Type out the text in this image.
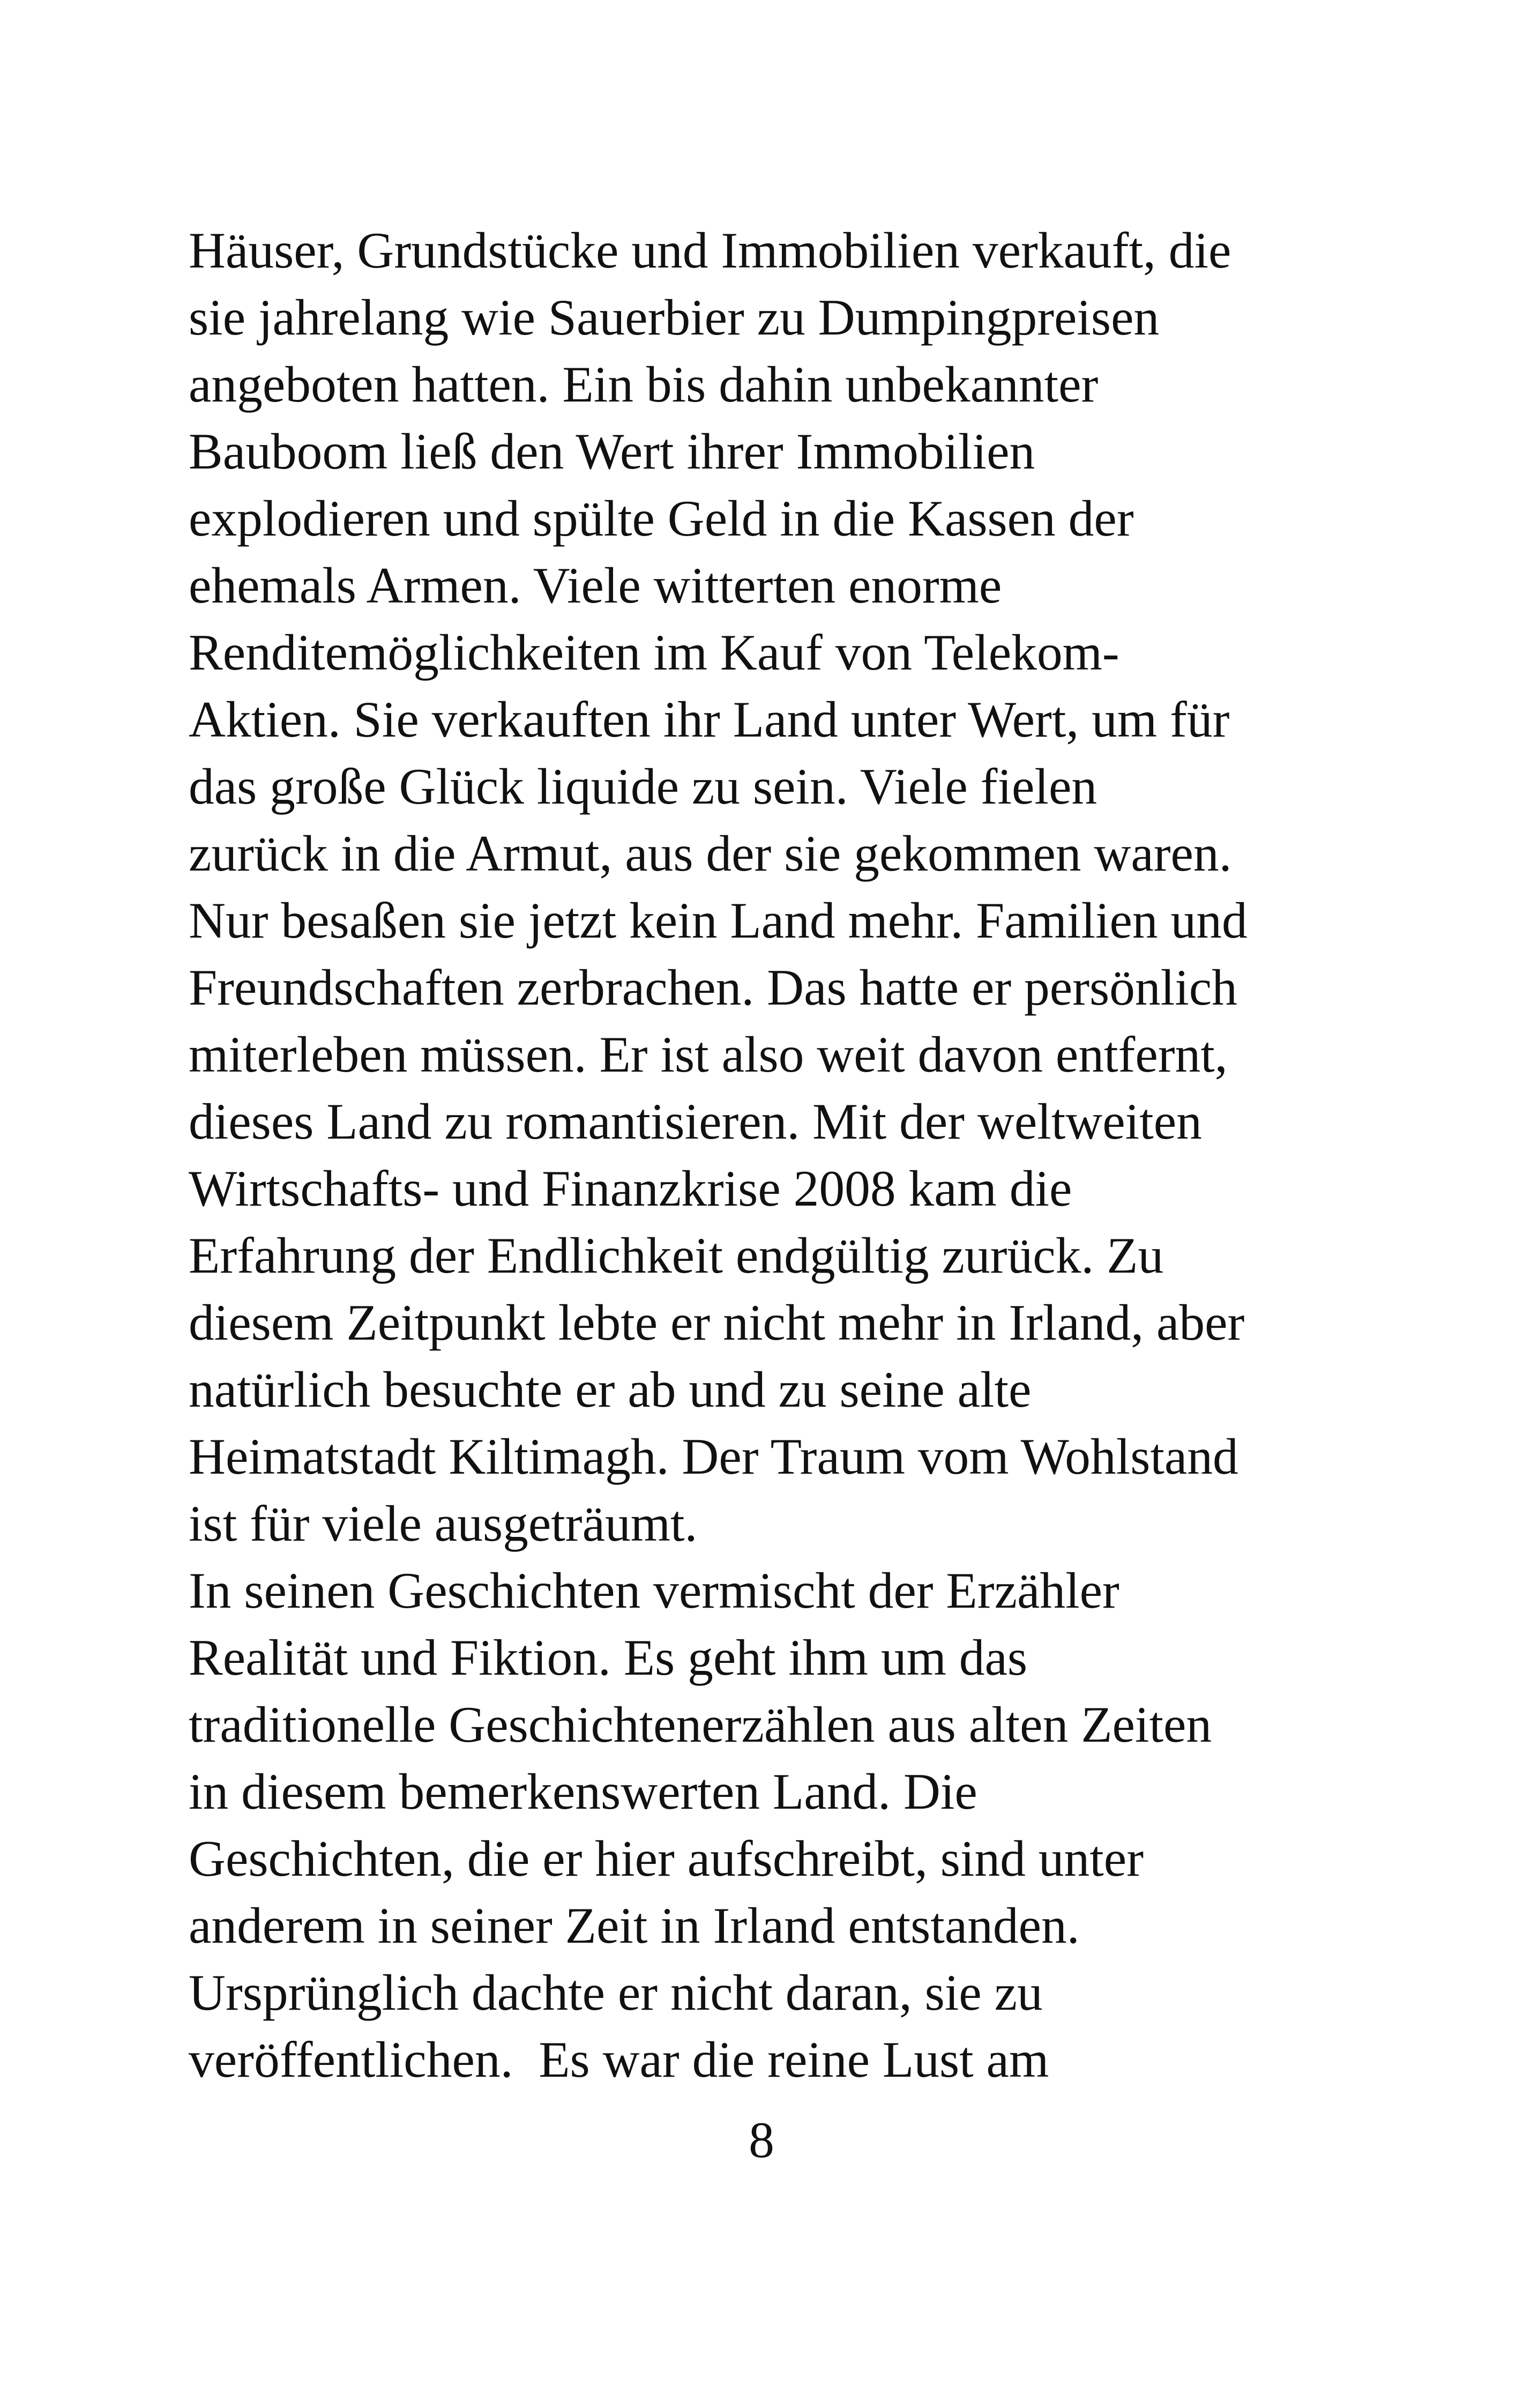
Häuser, Grundstücke und Immobilien verkauft, die
sie jahrelang wie Sauerbier zu Dumpingpreisen
angeboten hatten. Ein bis dahin unbekannter
Bauboom ließ den Wert ihrer Immobilien
explodieren und spülte Geld in die Kassen der
ehemals Armen. Viele witterten enorme
Renditemöglichkeiten im Kauf von Telekom-
Aktien. Sie verkauften ihr Land unter Wert, um für
das große Glück liquide zu sein. Viele fielen
zurück in die Armut, aus der sie gekommen waren.
Nur besaßen sie jetzt kein Land mehr. Familien und
Freundschaften zerbrachen. Das hatte er persönlich
miterleben müssen. Er ist also weit davon entfernt,
dieses Land zu romantisieren. Mit der weltweiten
Wirtschafts- und Finanzkrise 2008 kam die
Erfahrung der Endlichkeit endgültig zurück. Zu
diesem Zeitpunkt lebte er nicht mehr in Irland, aber
natürlich besuchte er ab und zu seine alte
Heimatstadt Kiltimagh. Der Traum vom Wohlstand
ist für viele ausgeträumt.
In seinen Geschichten vermischt der Erzähler
Realität und Fiktion. Es geht ihm um das
traditionelle Geschichtenerzählen aus alten Zeiten
in diesem bemerkenswerten Land. Die
Geschichten, die er hier aufschreibt, sind unter
anderem in seiner Zeit in Irland entstanden.
Ursprünglich dachte er nicht daran, sie zu
veröffentlichen.  Es war die reine Lust am
8
